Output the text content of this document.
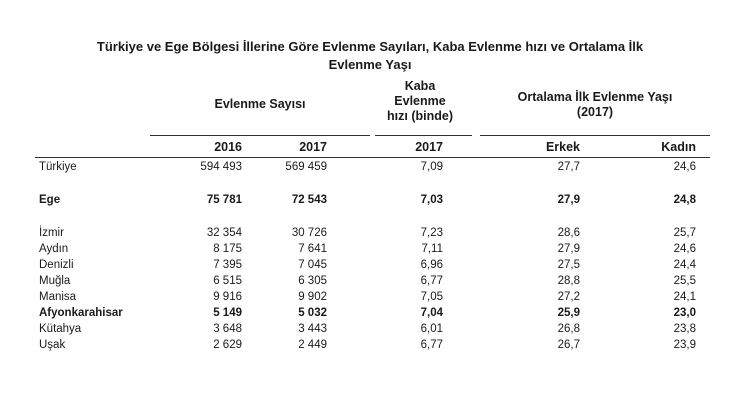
Türkiye ve Ege Bölgesi İllerine Göre Evlenme Sayıları, Kaba Evlenme hızı ve Ortalama İlk
Evlenme Yaşı
Evlenme Sayısı
Kaba
Evlenme
hızı (binde)
Ortalama İlk Evlenme Yaşı
(2017)
2016	2017	2017	Erkek	Kadın
Türkiye	594 493	569 459	7,09	27,7	24,6
Ege	75 781	72 543	7,03	27,9	24,8
İzmir	32 354	30 726	7,23	28,6	25,7
Aydın	8 175	7 641	7,11	27,9	24,6
Denizli	7 395	7 045	6,96	27,5	24,4
Muğla	6 515	6 305	6,77	28,8	25,5
Manisa	9 916	9 902	7,05	27,2	24,1
Afyonkarahisar	5 149	5 032	7,04	25,9	23,0
Kütahya	3 648	3 443	6,01	26,8	23,8
Uşak	2 629	2 449	6,77	26,7	23,9
